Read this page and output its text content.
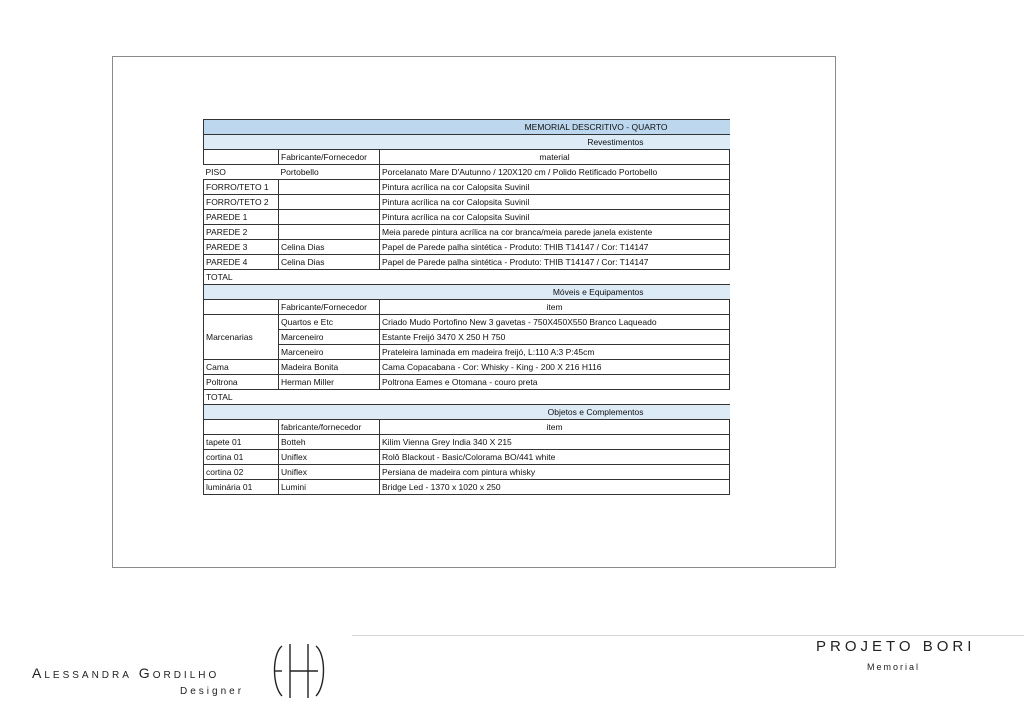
MEMORIAL DESCRITIVO - QUARTO		
Revestimentos		
	Fabricante/Fornecedor	material
PISO	Portobello	Porcelanato Mare D'Autunno / 120X120 cm / Polido Retificado Portobello
FORRO/TETO 1		Pintura acrílica na cor Calopsita Suvinil
FORRO/TETO 2		Pintura acrílica na cor Calopsita Suvinil
PAREDE 1		Pintura acrílica na cor Calopsita Suvinil
PAREDE 2		Meia parede pintura acrílica na cor branca/meia parede janela existente
PAREDE 3	Celina Dias	Papel de Parede palha sintética - Produto: THIB T14147 / Cor: T14147
PAREDE 4	Celina Dias	Papel de Parede palha sintética - Produto: THIB T14147 / Cor: T14147
TOTAL		
Móveis e Equipamentos		
	Fabricante/Fornecedor	item
Marcenarias	Quartos e Etc	Criado Mudo Portofino New 3 gavetas - 750X450X550 Branco Laqueado
	Marceneiro	Estante Freijó 3470 X 250 H 750
	Marceneiro	Prateleira laminada em madeira freijó, L:110 A:3 P:45cm
Cama	Madeira Bonita	Cama Copacabana - Cor: Whisky - King - 200 X 216 H116
Poltrona	Herman Miller	Poltrona Eames e Otomana - couro preta
TOTAL		
Objetos e Complementos		
	fabricante/fornecedor	item
tapete 01	Botteh	Kilim Vienna Grey India 340 X 215
cortina 01	Uniflex	Rolô Blackout - Basic/Colorama BO/441 white
cortina 02	Uniflex	Persiana de madeira com pintura whisky
luminária 01	Lumini	Bridge Led - 1370 x 1020 x 250
PROJETO BORI
Memorial
Alessandra Gordilho
Designer
